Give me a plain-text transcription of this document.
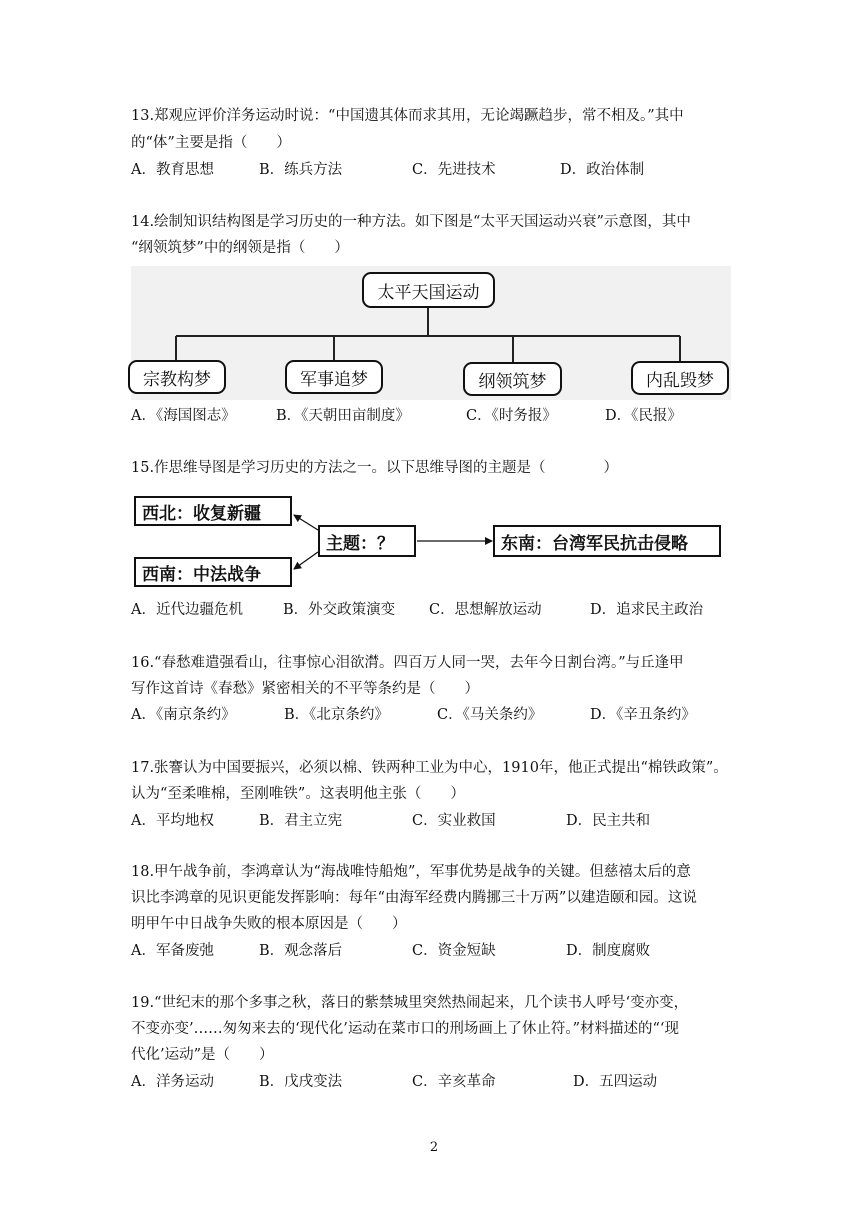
13.郑观应评价洋务运动时说：“中国遗其体而求其用，无论竭蹶趋步，常不相及。”其中
的“体”主要是指（　　）
A．教育思想	B．练兵方法	C．先进技术	D．政治体制
14.绘制知识结构图是学习历史的一种方法。如下图是“太平天国运动兴衰”示意图，其中
“纲领筑梦”中的纲领是指（　　）
太平天国运动
宗教构梦	军事追梦	纲领筑梦	内乱毁梦
A．《海国图志》	B．《天朝田亩制度》	C．《时务报》	D．《民报》
15.作思维导图是学习历史的方法之一。以下思维导图的主题是（　　　　）
西北：收复新疆
西南：中法战争
主题：？	东南：台湾军民抗击侵略
A．近代边疆危机	B．外交政策演变 C．思想解放运动	D．追求民主政治
16.“春愁难遣强看山，往事惊心泪欲潸。四百万人同一哭，去年今日割台湾。”与丘逢甲
写作这首诗《春愁》紧密相关的不平等条约是（　　）
A．《南京条约》	B．《北京条约》	C．《马关条约》	D．《辛丑条约》
17.张謇认为中国要振兴，必须以棉、铁两种工业为中心，1910年，他正式提出“棉铁政策”。
认为“至柔唯棉，至刚唯铁”。这表明他主张（　　）
A．平均地权	B．君主立宪	C．实业救国	D．民主共和
18.甲午战争前，李鸿章认为“海战唯恃船炮”，军事优势是战争的关键。但慈禧太后的意
识比李鸿章的见识更能发挥影响：每年“由海军经费内腾挪三十万两”以建造颐和园。这说
明甲午中日战争失败的根本原因是（　　）
A．军备废弛	B．观念落后	C．资金短缺	D．制度腐败
19.“世纪末的那个多事之秋，落日的紫禁城里突然热闹起来，几个读书人呼号‘变亦变，
不变亦变’……匆匆来去的‘现代化’运动在菜市口的刑场画上了休止符。”材料描述的“‘现
代化’运动”是（　　）
A．洋务运动	B．戊戌变法	C．辛亥革命	D．五四运动
2
